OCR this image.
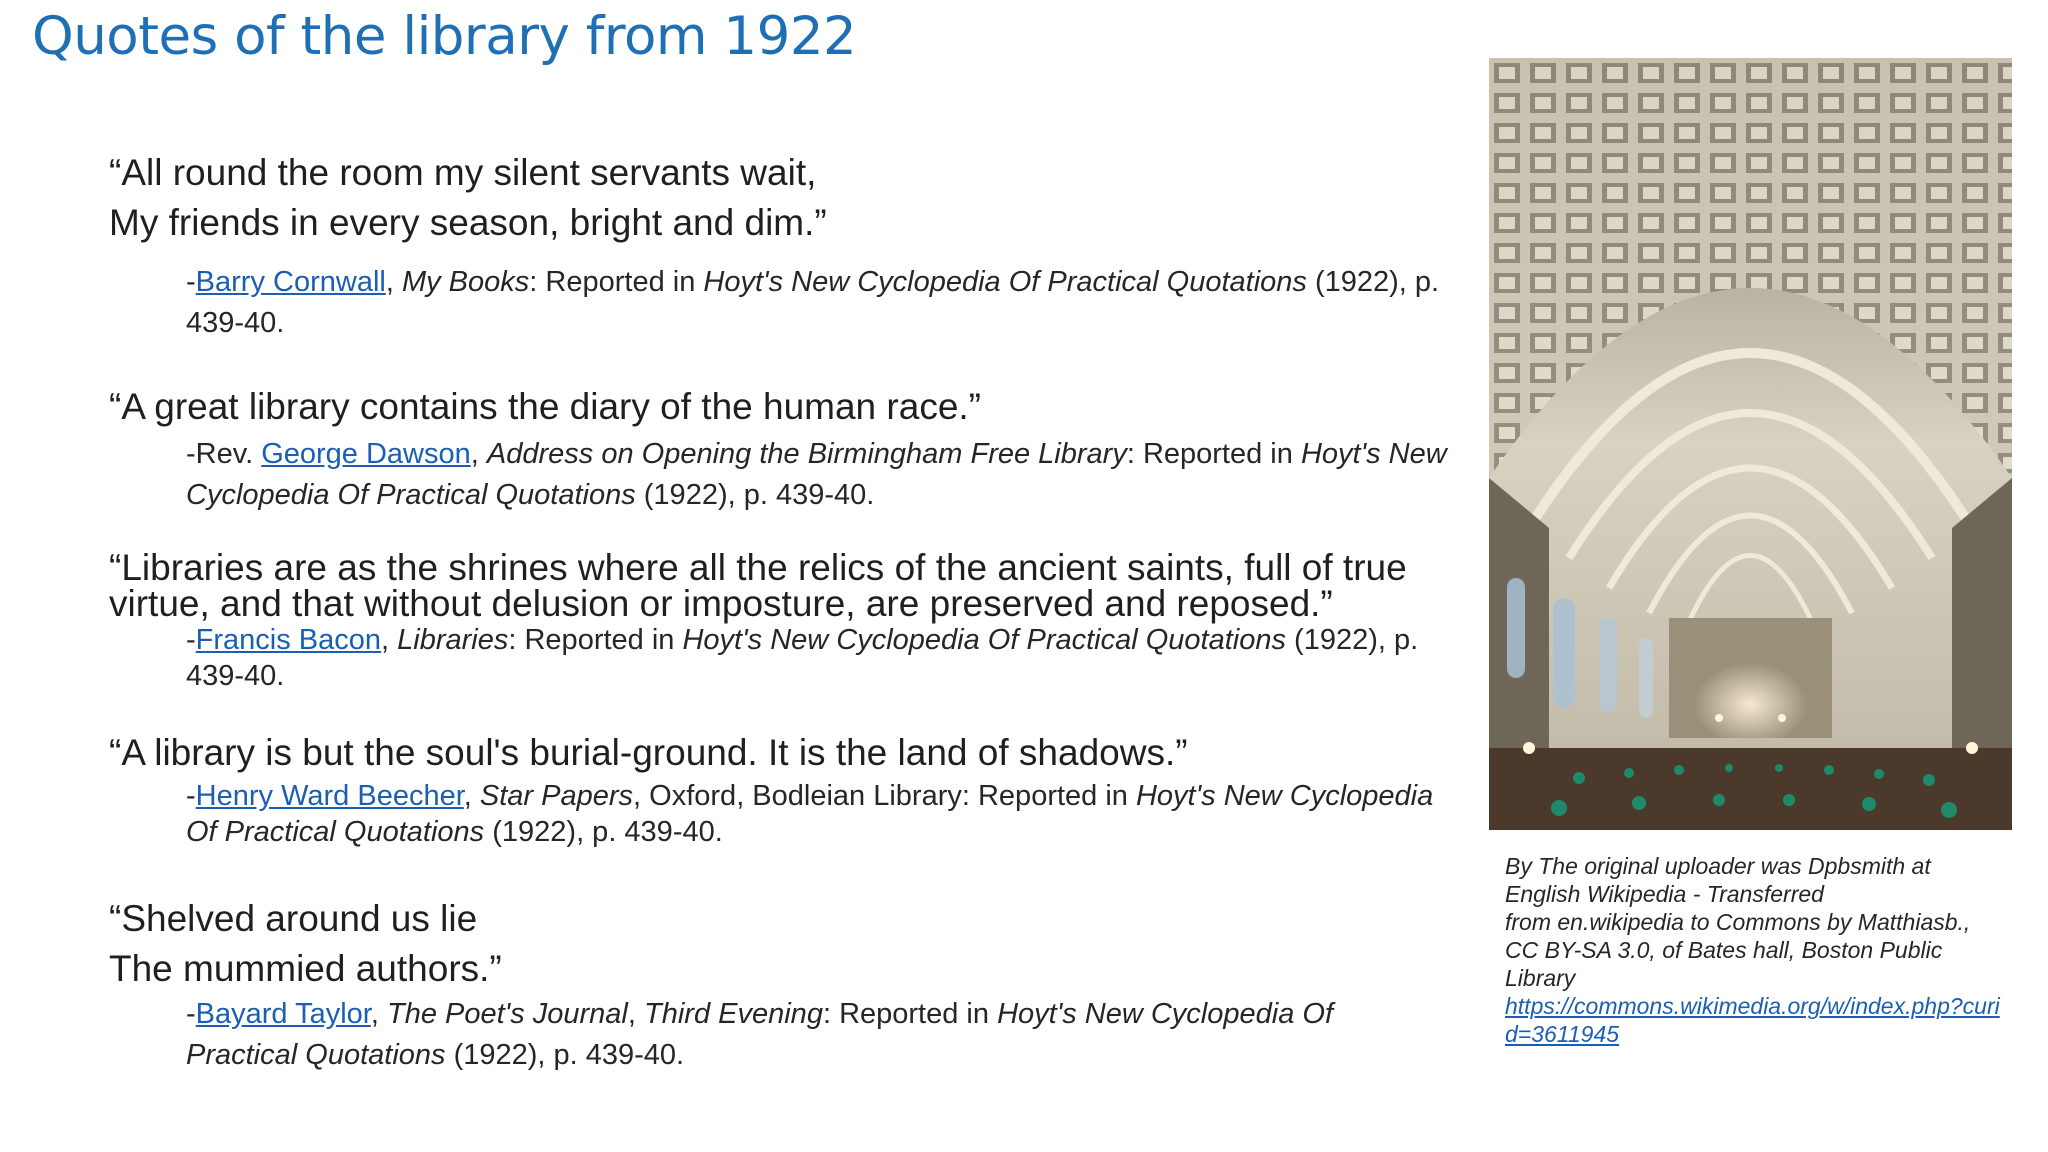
Quotes of the library from 1922
“All round the room my silent servants wait,
My friends in every season, bright and dim.”
-Barry Cornwall, My Books: Reported in Hoyt's New Cyclopedia Of Practical Quotations (1922), p. 439-40.
“A great library contains the diary of the human race.”
-Rev. George Dawson, Address on Opening the Birmingham Free Library: Reported in Hoyt's New Cyclopedia Of Practical Quotations (1922), p. 439-40.
“Libraries are as the shrines where all the relics of the ancient saints, full of true virtue, and that without delusion or imposture, are preserved and reposed.”
-Francis Bacon, Libraries: Reported in Hoyt's New Cyclopedia Of Practical Quotations (1922), p. 439-40.
“A library is but the soul's burial-ground. It is the land of shadows.”
-Henry Ward Beecher, Star Papers, Oxford, Bodleian Library: Reported in Hoyt's New Cyclopedia Of Practical Quotations (1922), p. 439-40.
“Shelved around us lie
The mummied authors.”
-Bayard Taylor, The Poet's Journal, Third Evening: Reported in Hoyt's New Cyclopedia Of Practical Quotations (1922), p. 439-40.
By The original uploader was Dpbsmith at
English Wikipedia - Transferred
from en.wikipedia to Commons by Matthiasb.,
CC BY-SA 3.0, of Bates hall, Boston Public
Library
https://commons.wikimedia.org/w/index.php?curid=3611945
